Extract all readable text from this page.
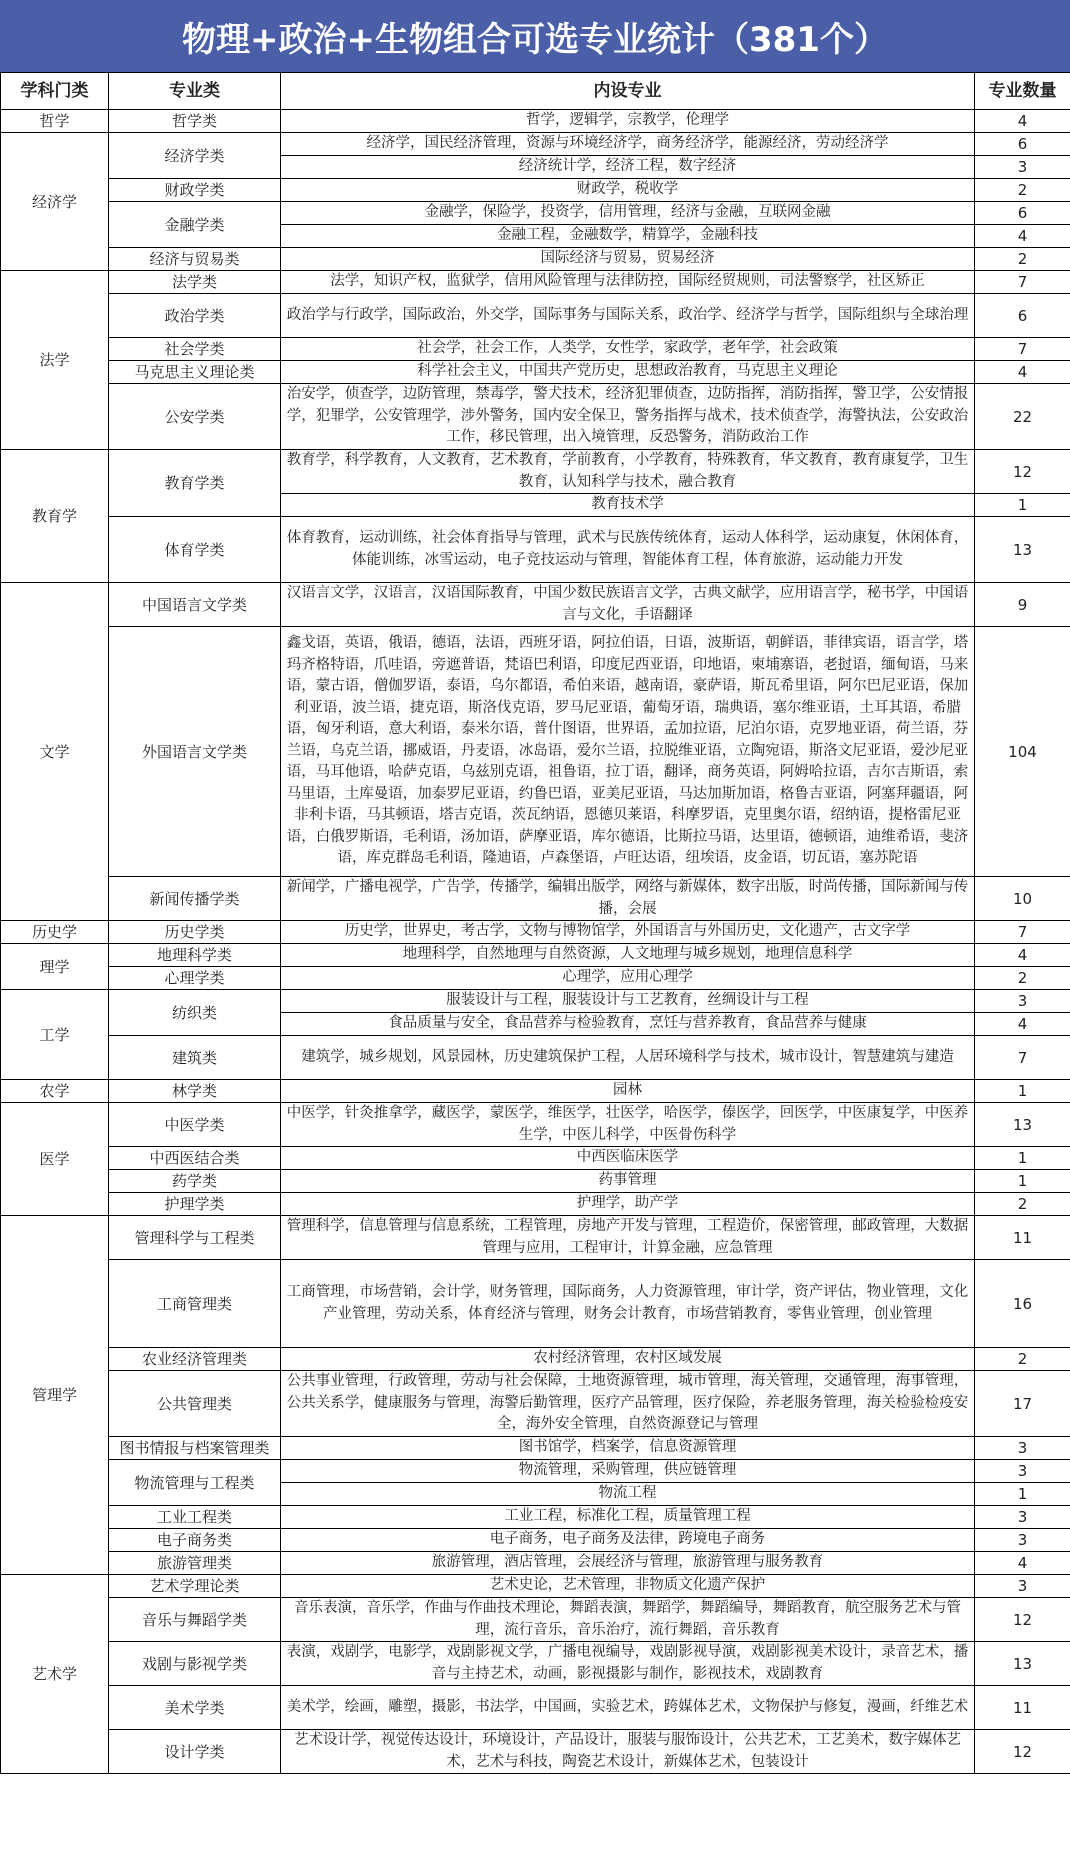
物理+政治+生物组合可选专业统计（381个）
学科门类	专业类	内设专业	专业数量
哲学	哲学类	哲学，逻辑学，宗教学，伦理学	4
经济学	经济学类	经济学，国民经济管理，资源与环境经济学，商务经济学，能源经济，劳动经济学	6
		经济统计学，经济工程，数字经济	3
	财政学类	财政学，税收学	2
	金融学类	金融学，保险学，投资学，信用管理，经济与金融，互联网金融	6
		金融工程，金融数学，精算学，金融科技	4
	经济与贸易类	国际经济与贸易，贸易经济	2
法学	法学类	法学，知识产权，监狱学，信用风险管理与法律防控，国际经贸规则，司法警察学，社区矫正	7
	政治学类	政治学与行政学，国际政治，外交学，国际事务与国际关系，政治学、经济学与哲学，国际组织与全球治理	6
	社会学类	社会学，社会工作，人类学，女性学，家政学，老年学，社会政策	7
	马克思主义理论类	科学社会主义，中国共产党历史，思想政治教育，马克思主义理论	4
	公安学类	治安学，侦查学，边防管理，禁毒学，警犬技术，经济犯罪侦查，边防指挥，消防指挥，警卫学，公安情报学，犯罪学，公安管理学，涉外警务，国内安全保卫，警务指挥与战术，技术侦查学，海警执法，公安政治工作，移民管理，出入境管理，反恐警务，消防政治工作	22
教育学	教育学类	教育学，科学教育，人文教育，艺术教育，学前教育，小学教育，特殊教育，华文教育，教育康复学，卫生教育，认知科学与技术，融合教育	12
		教育技术学	1
	体育学类	体育教育，运动训练，社会体育指导与管理，武术与民族传统体育，运动人体科学，运动康复，休闲体育，体能训练，冰雪运动，电子竞技运动与管理，智能体育工程，体育旅游，运动能力开发	13
文学	中国语言文学类	汉语言文学，汉语言，汉语国际教育，中国少数民族语言文学，古典文献学，应用语言学，秘书学，中国语言与文化，手语翻译	9
	外国语言文学类	鑫戈语，英语，俄语，德语，法语，西班牙语，阿拉伯语，日语，波斯语，朝鲜语，菲律宾语，语言学，塔玛齐格特语，爪哇语，旁遮普语，梵语巴利语，印度尼西亚语，印地语，柬埔寨语，老挝语，缅甸语，马来语，蒙古语，僧伽罗语，泰语，乌尔都语，希伯来语，越南语，豪萨语，斯瓦希里语，阿尔巴尼亚语，保加利亚语，波兰语，捷克语，斯洛伐克语，罗马尼亚语，葡萄牙语，瑞典语，塞尔维亚语，土耳其语，希腊语，匈牙利语，意大利语，泰米尔语，普什图语，世界语，孟加拉语，尼泊尔语，克罗地亚语，荷兰语，芬兰语，乌克兰语，挪威语，丹麦语，冰岛语，爱尔兰语，拉脱维亚语，立陶宛语，斯洛文尼亚语，爱沙尼亚语，马耳他语，哈萨克语，乌兹别克语，祖鲁语，拉丁语，翻译，商务英语，阿姆哈拉语，吉尔吉斯语，索马里语，土库曼语，加泰罗尼亚语，约鲁巴语，亚美尼亚语，马达加斯加语，格鲁吉亚语，阿塞拜疆语，阿非利卡语，马其顿语，塔吉克语，茨瓦纳语，恩德贝莱语，科摩罗语，克里奥尔语，绍纳语，提格雷尼亚语，白俄罗斯语，毛利语，汤加语，萨摩亚语，库尔德语，比斯拉马语，达里语，德顿语，迪维希语，斐济语，库克群岛毛利语，隆迪语，卢森堡语，卢旺达语，纽埃语，皮金语，切瓦语，塞苏陀语	104
	新闻传播学类	新闻学，广播电视学，广告学，传播学，编辑出版学，网络与新媒体，数字出版，时尚传播，国际新闻与传播，会展	10
历史学	历史学类	历史学，世界史，考古学，文物与博物馆学，外国语言与外国历史，文化遗产，古文字学	7
理学	地理科学类	地理科学，自然地理与自然资源，人文地理与城乡规划，地理信息科学	4
	心理学类	心理学，应用心理学	2
工学	纺织类	服装设计与工程，服装设计与工艺教育，丝绸设计与工程	3
		食品质量与安全，食品营养与检验教育，烹饪与营养教育，食品营养与健康	4
	建筑类	建筑学，城乡规划，风景园林，历史建筑保护工程，人居环境科学与技术，城市设计，智慧建筑与建造	7
农学	林学类	园林	1
医学	中医学类	中医学，针灸推拿学，藏医学，蒙医学，维医学，壮医学，哈医学，傣医学，回医学，中医康复学，中医养生学，中医儿科学，中医骨伤科学	13
	中西医结合类	中西医临床医学	1
	药学类	药事管理	1
	护理学类	护理学，助产学	2
管理学	管理科学与工程类	管理科学，信息管理与信息系统，工程管理，房地产开发与管理，工程造价，保密管理，邮政管理，大数据管理与应用，工程审计，计算金融，应急管理	11
	工商管理类	工商管理，市场营销，会计学，财务管理，国际商务，人力资源管理，审计学，资产评估，物业管理，文化产业管理，劳动关系，体育经济与管理，财务会计教育，市场营销教育，零售业管理，创业管理	16
	农业经济管理类	农村经济管理，农村区域发展	2
	公共管理类	公共事业管理，行政管理，劳动与社会保障，土地资源管理，城市管理，海关管理，交通管理，海事管理，公共关系学，健康服务与管理，海警后勤管理，医疗产品管理，医疗保险，养老服务管理，海关检验检疫安全，海外安全管理，自然资源登记与管理	17
	图书情报与档案管理类	图书馆学，档案学，信息资源管理	3
	物流管理与工程类	物流管理，采购管理，供应链管理	3
		物流工程	1
	工业工程类	工业工程，标准化工程，质量管理工程	3
	电子商务类	电子商务，电子商务及法律，跨境电子商务	3
	旅游管理类	旅游管理，酒店管理，会展经济与管理，旅游管理与服务教育	4
艺术学	艺术学理论类	艺术史论，艺术管理，非物质文化遗产保护	3
	音乐与舞蹈学类	音乐表演，音乐学，作曲与作曲技术理论，舞蹈表演，舞蹈学，舞蹈编导，舞蹈教育，航空服务艺术与管理，流行音乐，音乐治疗，流行舞蹈，音乐教育	12
	戏剧与影视学类	表演，戏剧学，电影学，戏剧影视文学，广播电视编导，戏剧影视导演，戏剧影视美术设计，录音艺术，播音与主持艺术，动画，影视摄影与制作，影视技术，戏剧教育	13
	美术学类	美术学，绘画，雕塑，摄影，书法学，中国画，实验艺术，跨媒体艺术，文物保护与修复，漫画，纤维艺术	11
	设计学类	艺术设计学，视觉传达设计，环境设计，产品设计，服装与服饰设计，公共艺术，工艺美术，数字媒体艺术，艺术与科技，陶瓷艺术设计，新媒体艺术，包装设计	12
